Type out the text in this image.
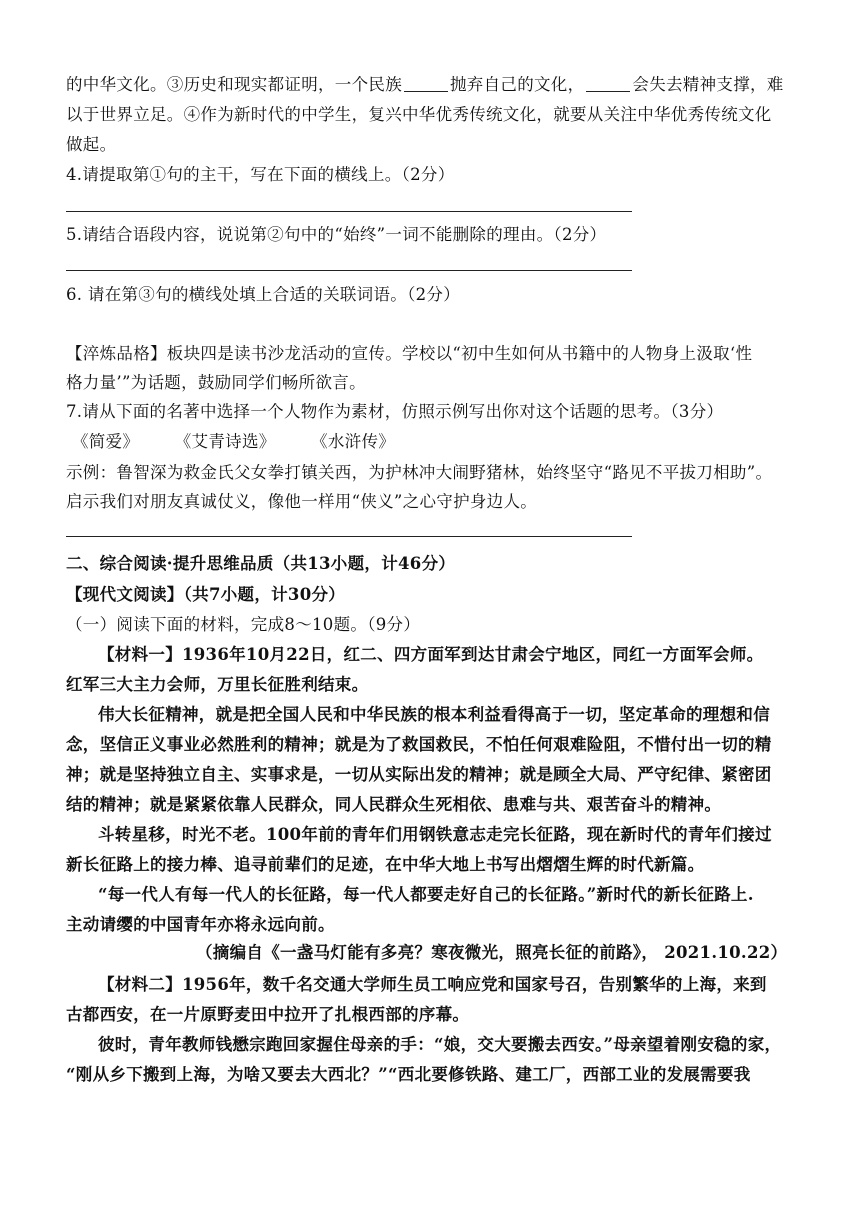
的中华文化。③历史和现实都证明，一个民族	抛弃自己的文化，	会失去精神支撑，难
以于世界立足。④作为新时代的中学生，复兴中华优秀传统文化，就要从关注中华优秀传统文化
做起。
4.请提取第①句的主干，写在下面的横线上。（2分）
5.请结合语段内容，说说第②句中的“始终”一词不能删除的理由。（2分）
6. 请在第③句的横线处填上合适的关联词语。（2分）
【淬炼品格】板块四是读书沙龙活动的宣传。学校以“初中生如何从书籍中的人物身上汲取‘性
格力量’”为话题，鼓励同学们畅所欲言。
7.请从下面的名著中选择一个人物作为素材，仿照示例写出你对这个话题的思考。（3分）
《简爱》 《艾青诗选》 《水浒传》
示例：鲁智深为救金氏父女拳打镇关西，为护林冲大闹野猪林，始终坚守“路见不平拔刀相助”。
启示我们对朋友真诚仗义，像他一样用“侠义”之心守护身边人。
二、综合阅读·提升思维品质（共13小题，计46分）
【现代文阅读】（共7小题，计30分）
（一）阅读下面的材料，完成8～10题。（9分）
【材料一】1936年10月22日，红二、四方面军到达甘肃会宁地区，同红一方面军会师。
红军三大主力会师，万里长征胜利结束。
伟大长征精神，就是把全国人民和中华民族的根本利益看得高于一切，坚定革命的理想和信
念，坚信正义事业必然胜利的精神；就是为了救国救民，不怕任何艰难险阻，不惜付出一切的精
神；就是坚持独立自主、实事求是，一切从实际出发的精神；就是顾全大局、严守纪律、紧密团
结的精神；就是紧紧依靠人民群众，同人民群众生死相依、患难与共、艰苦奋斗的精神。
斗转星移，时光不老。100年前的青年们用钢铁意志走完长征路，现在新时代的青年们接过
新长征路上的接力棒、追寻前辈们的足迹，在中华大地上书写出熠熠生辉的时代新篇。
“每一代人有每一代人的长征路，每一代人都要走好自己的长征路。”新时代的新长征路上.
主动请缨的中国青年亦将永远向前。
（摘编自《一盏马灯能有多亮？寒夜微光，照亮长征的前路》， 2021.10.22）
【材料二】1956年，数千名交通大学师生员工响应党和国家号召，告别繁华的上海，来到
古都西安，在一片原野麦田中拉开了扎根西部的序幕。
彼时，青年教师钱懋宗跑回家握住母亲的手：“娘，交大要搬去西安。”母亲望着刚安稳的家，
“刚从乡下搬到上海，为啥又要去大西北？”“西北要修铁路、建工厂，西部工业的发展需要我
